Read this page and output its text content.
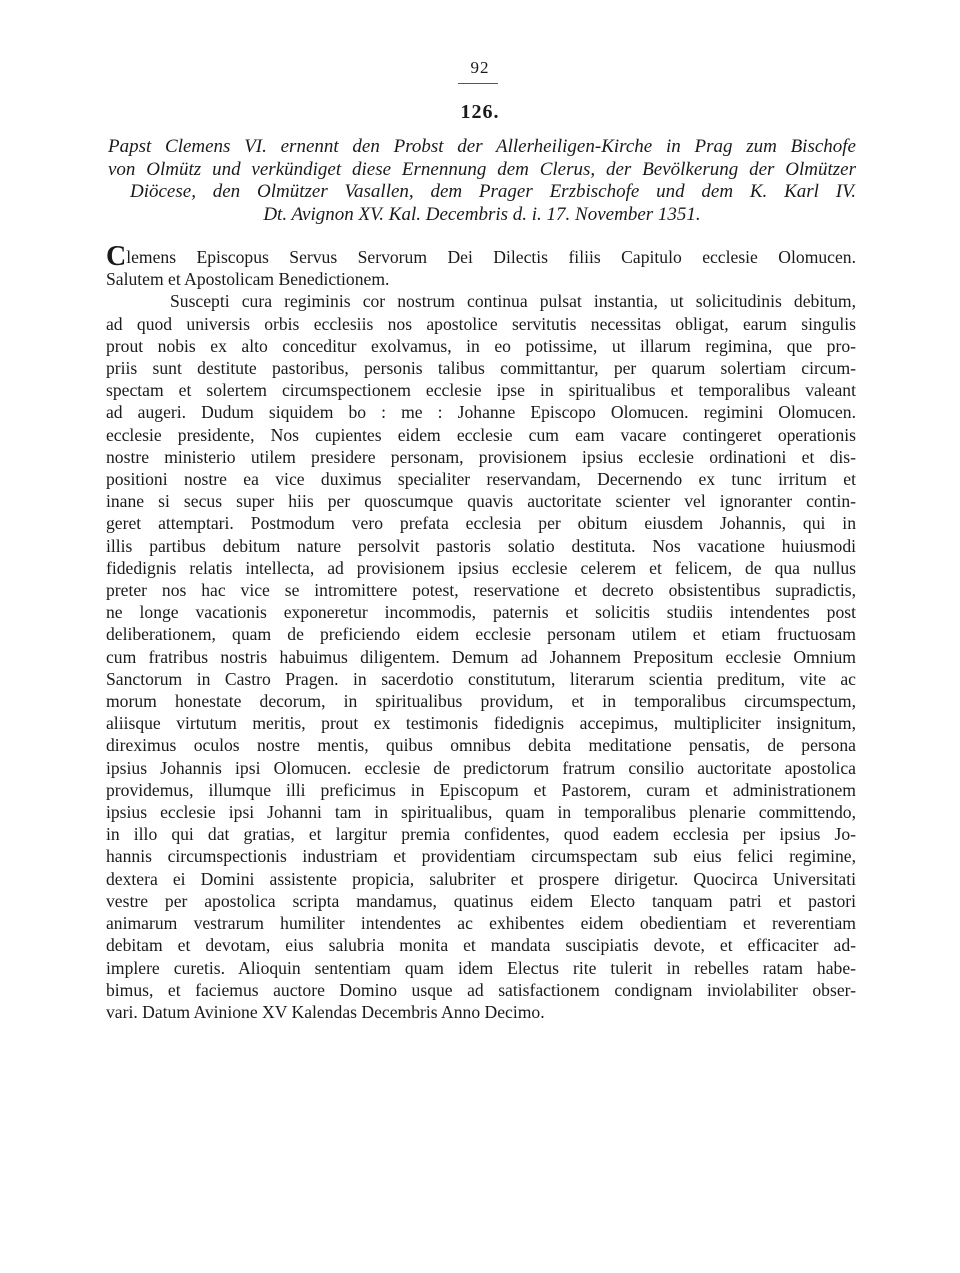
92
126.
Papst Clemens VI. ernennt den Probst der Allerheiligen-Kirche in Prag zum Bischofe
von Olmütz und verkündiget diese Ernennung dem Clerus, der Bevölkerung der Olmützer
Diöcese, den Olmützer Vasallen, dem Prager Erzbischofe und dem K. Karl IV.
Dt. Avignon XV. Kal. Decembris d. i. 17. November 1351.
Clemens Episcopus Servus Servorum Dei Dilectis filiis Capitulo ecclesie Olomucen.
Salutem et Apostolicam Benedictionem.
Suscepti cura regiminis cor nostrum continua pulsat instantia, ut solicitudinis debitum,
ad quod universis orbis ecclesiis nos apostolice servitutis necessitas obligat, earum singulis
prout nobis ex alto conceditur exolvamus, in eo potissime, ut illarum regimina, que pro-
priis sunt destitute pastoribus, personis talibus committantur, per quarum solertiam circum-
spectam et solertem circumspectionem ecclesie ipse in spiritualibus et temporalibus valeant
ad augeri. Dudum siquidem bo : me : Johanne Episcopo Olomucen. regimini Olomucen.
ecclesie presidente, Nos cupientes eidem ecclesie cum eam vacare contingeret operationis
nostre ministerio utilem presidere personam, provisionem ipsius ecclesie ordinationi et dis-
positioni nostre ea vice duximus specialiter reservandam, Decernendo ex tunc irritum et
inane si secus super hiis per quoscumque quavis auctoritate scienter vel ignoranter contin-
geret attemptari. Postmodum vero prefata ecclesia per obitum eiusdem Johannis, qui in
illis partibus debitum nature persolvit pastoris solatio destituta. Nos vacatione huiusmodi
fidedignis relatis intellecta, ad provisionem ipsius ecclesie celerem et felicem, de qua nullus
preter nos hac vice se intromittere potest, reservatione et decreto obsistentibus supradictis,
ne longe vacationis exponeretur incommodis, paternis et solicitis studiis intendentes post
deliberationem, quam de preficiendo eidem ecclesie personam utilem et etiam fructuosam
cum fratribus nostris habuimus diligentem. Demum ad Johannem Prepositum ecclesie Omnium
Sanctorum in Castro Pragen. in sacerdotio constitutum, literarum scientia preditum, vite ac
morum honestate decorum, in spiritualibus providum, et in temporalibus circumspectum,
aliisque virtutum meritis, prout ex testimonis fidedignis accepimus, multipliciter insignitum,
direximus oculos nostre mentis, quibus omnibus debita meditatione pensatis, de persona
ipsius Johannis ipsi Olomucen. ecclesie de predictorum fratrum consilio auctoritate apostolica
providemus, illumque illi preficimus in Episcopum et Pastorem, curam et administrationem
ipsius ecclesie ipsi Johanni tam in spiritualibus, quam in temporalibus plenarie committendo,
in illo qui dat gratias, et largitur premia confidentes, quod eadem ecclesia per ipsius Jo-
hannis circumspectionis industriam et providentiam circumspectam sub eius felici regimine,
dextera ei Domini assistente propicia, salubriter et prospere dirigetur. Quocirca Universitati
vestre per apostolica scripta mandamus, quatinus eidem Electo tanquam patri et pastori
animarum vestrarum humiliter intendentes ac exhibentes eidem obedientiam et reverentiam
debitam et devotam, eius salubria monita et mandata suscipiatis devote, et efficaciter ad-
implere curetis. Alioquin sententiam quam idem Electus rite tulerit in rebelles ratam habe-
bimus, et faciemus auctore Domino usque ad satisfactionem condignam inviolabiliter obser-
vari. Datum Avinione XV Kalendas Decembris Anno Decimo.
